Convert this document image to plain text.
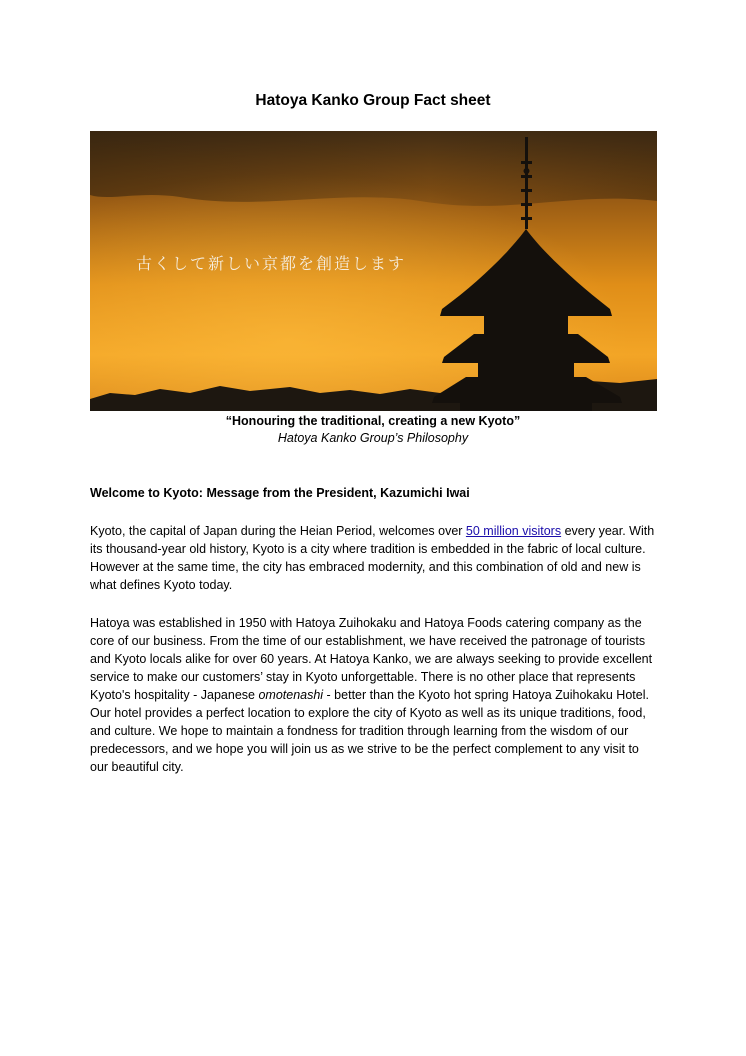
Hatoya Kanko Group Fact sheet
古くして新しい京都を創造します
“Honouring the traditional, creating a new Kyoto”
Hatoya Kanko Group’s Philosophy
Welcome to Kyoto: Message from the President, Kazumichi Iwai

Kyoto, the capital of Japan during the Heian Period, welcomes over 50 million visitors every year. With its thousand-year old history, Kyoto is a city where tradition is embedded in the fabric of local culture. However at the same time, the city has embraced modernity, and this combination of old and new is what defines Kyoto today.

Hatoya was established in 1950 with Hatoya Zuihokaku and Hatoya Foods catering company as the core of our business. From the time of our establishment, we have received the patronage of tourists and Kyoto locals alike for over 60 years. At Hatoya Kanko, we are always seeking to provide excellent service to make our customers’ stay in Kyoto unforgettable. There is no other place that represents Kyoto's hospitality - Japanese omotenashi - better than the Kyoto hot spring Hatoya Zuihokaku Hotel. Our hotel provides a perfect location to explore the city of Kyoto as well as its unique traditions, food, and culture. We hope to maintain a fondness for tradition through learning from the wisdom of our predecessors, and we hope you will join us as we strive to be the perfect complement to any visit to our beautiful city.
